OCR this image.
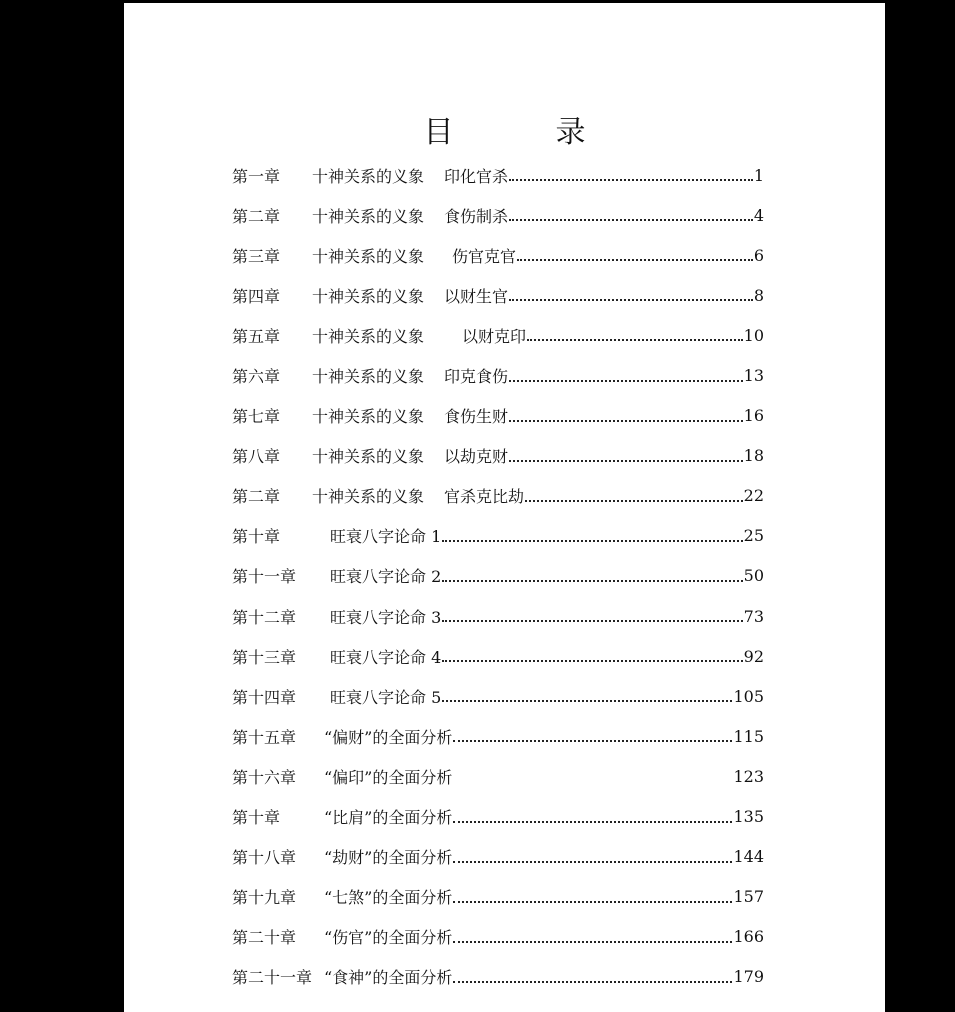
目　录
第一章	十神关系的义象 印化官杀	1
第二章	十神关系的义象 食伤制杀	4
第三章	十神关系的义象 伤官克官	6
第四章	十神关系的义象 以财生官	8
第五章	十神关系的义象 以财克印	10
第六章	十神关系的义象 印克食伤	13
第七章	十神关系的义象 食伤生财	16
第八章	十神关系的义象 以劫克财	18
第二章	十神关系的义象 官杀克比劫	22
第十章	旺衰八字论命 1	25
第十一章	旺衰八字论命 2	50
第十二章	旺衰八字论命 3	73
第十三章	旺衰八字论命 4	92
第十四章	旺衰八字论命 5	105
第十五章	“偏财”的全面分析	115
第十六章	“偏印”的全面分析	123
第十章	“比肩”的全面分析	135
第十八章	“劫财”的全面分析	144
第十九章	“七煞”的全面分析	157
第二十章	“伤官”的全面分析	166
第二十一章 “食神”的全面分析	179
